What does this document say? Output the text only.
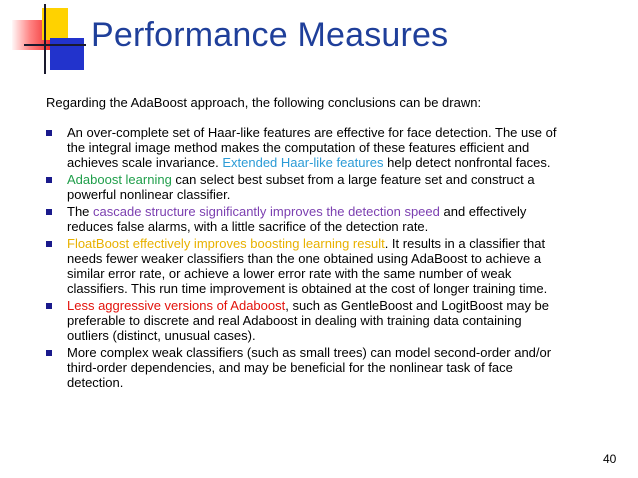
Performance Measures
Regarding the AdaBoost approach, the following conclusions can be drawn:
An over-complete set of Haar-like features are effective for face detection. The use of
the integral image method makes the computation of these features efficient and
achieves scale invariance. Extended Haar-like features help detect nonfrontal faces.
Adaboost learning can select best subset from a large feature set and construct a
powerful nonlinear classifier.
The cascade structure significantly improves the detection speed and effectively
reduces false alarms, with a little sacrifice of the detection rate.
FloatBoost effectively improves boosting learning result. It results in a classifier that
needs fewer weaker classifiers than the one obtained using AdaBoost to achieve a
similar error rate, or achieve a lower error rate with the same number of weak
classifiers. This run time improvement is obtained at the cost of longer training time.
Less aggressive versions of Adaboost, such as GentleBoost and LogitBoost may be
preferable to discrete and real Adaboost in dealing with training data containing
outliers (distinct, unusual cases).
More complex weak classifiers (such as small trees) can model second-order and/or
third-order dependencies, and may be beneficial for the nonlinear task of face
detection.
40
